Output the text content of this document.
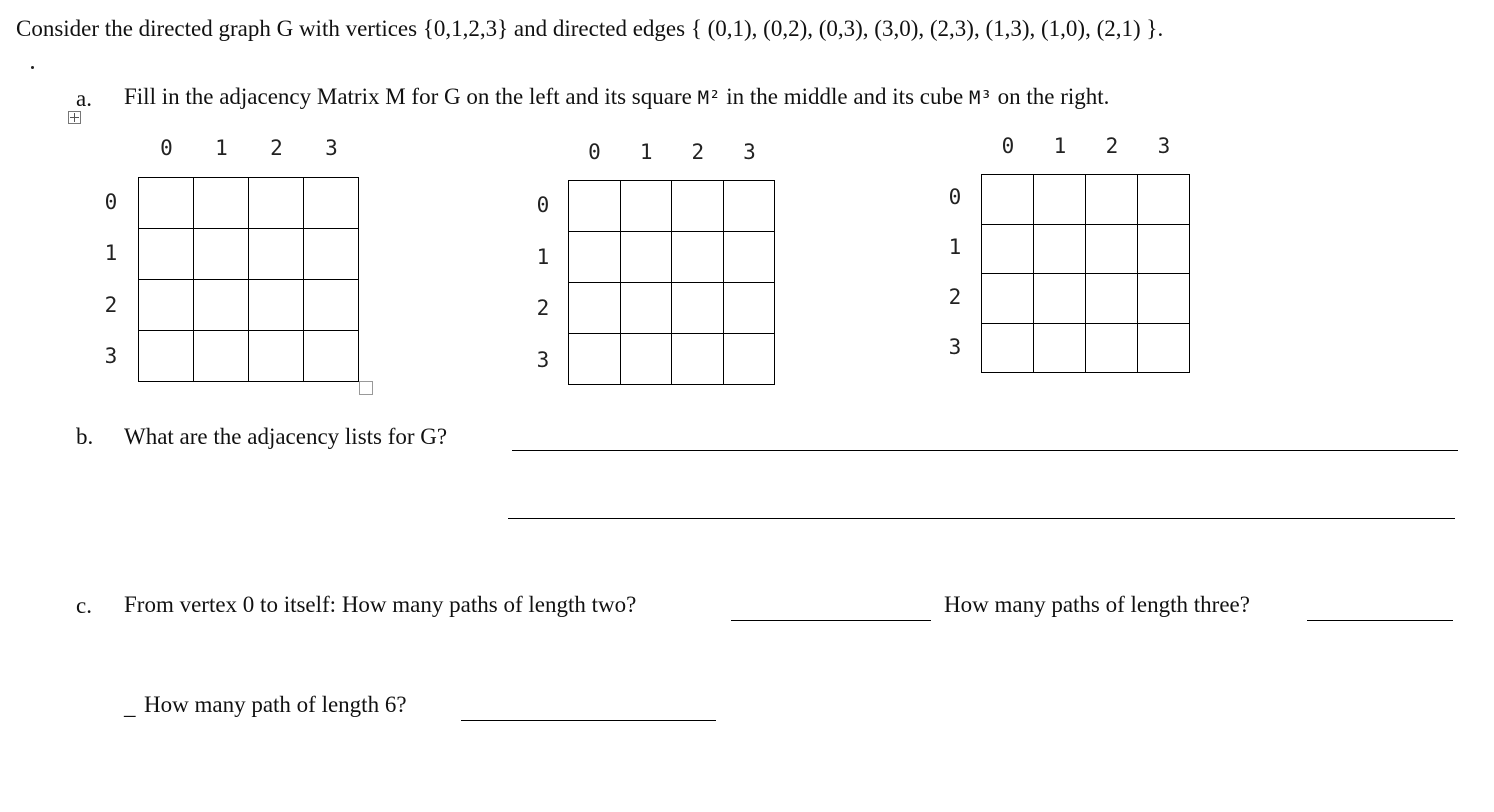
Consider the directed graph G with vertices {0,1,2,3} and directed edges { (0,1), (0,2), (0,3), (3,0), (2,3), (1,3), (1,0), (2,1) }.
a. Fill in the adjacency Matrix M for G on the left and its square M² in the middle and its cube M³ on the right.
0	1	2	3
0
1
2
3
0	1	2	3
0
1
2
3
0	1	2	3
0
1
2
3
b. What are the adjacency lists for G?
c. From vertex 0 to itself: How many paths of length two?	How many paths of length three?
_ How many path of length 6?
